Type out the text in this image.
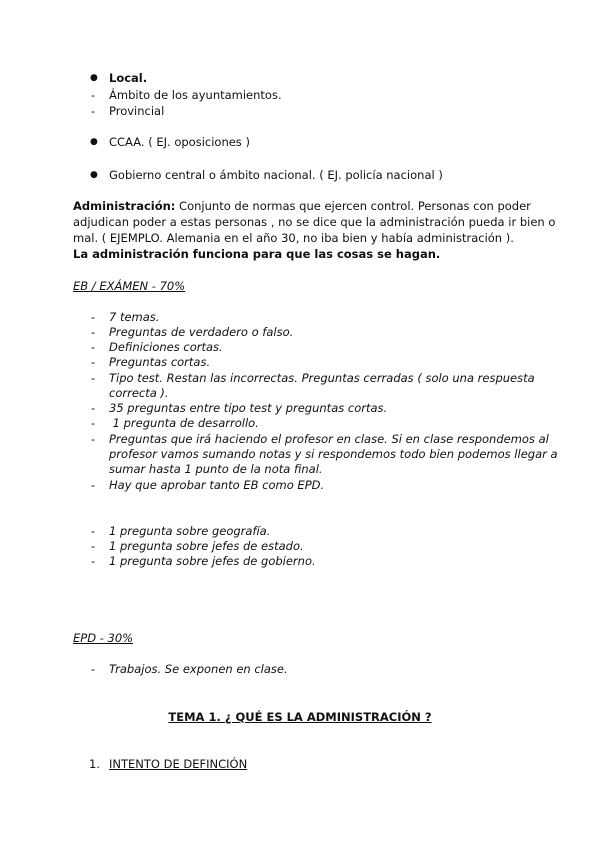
● Local.
- Ámbito de los ayuntamientos.
- Provincial
● CCAA. ( EJ. oposiciones )
● Gobierno central o ámbito nacional. ( EJ. policía nacional )
Administración: Conjunto de normas que ejercen control. Personas con poder
adjudican poder a estas personas , no se dice que la administración pueda ir bien o
mal. ( EJEMPLO. Alemania en el año 30, no iba bien y había administración ).
La administración funciona para que las cosas se hagan.
EB / EXÁMEN - 70%
- 7 temas.
- Preguntas de verdadero o falso.
- Definiciones cortas.
- Preguntas cortas.
- Tipo test. Restan las incorrectas. Preguntas cerradas ( solo una respuesta
correcta ).
- 35 preguntas entre tipo test y preguntas cortas.
- 1 pregunta de desarrollo.
- Preguntas que irá haciendo el profesor en clase. Si en clase respondemos al
profesor vamos sumando notas y si respondemos todo bien podemos llegar a
sumar hasta 1 punto de la nota final.
- Hay que aprobar tanto EB como EPD.
- 1 pregunta sobre geografía.
- 1 pregunta sobre jefes de estado.
- 1 pregunta sobre jefes de gobierno.
EPD - 30%
- Trabajos. Se exponen en clase.
TEMA 1. ¿ QUÉ ES LA ADMINISTRACIÓN ?
1. INTENTO DE DEFINCIÓN
